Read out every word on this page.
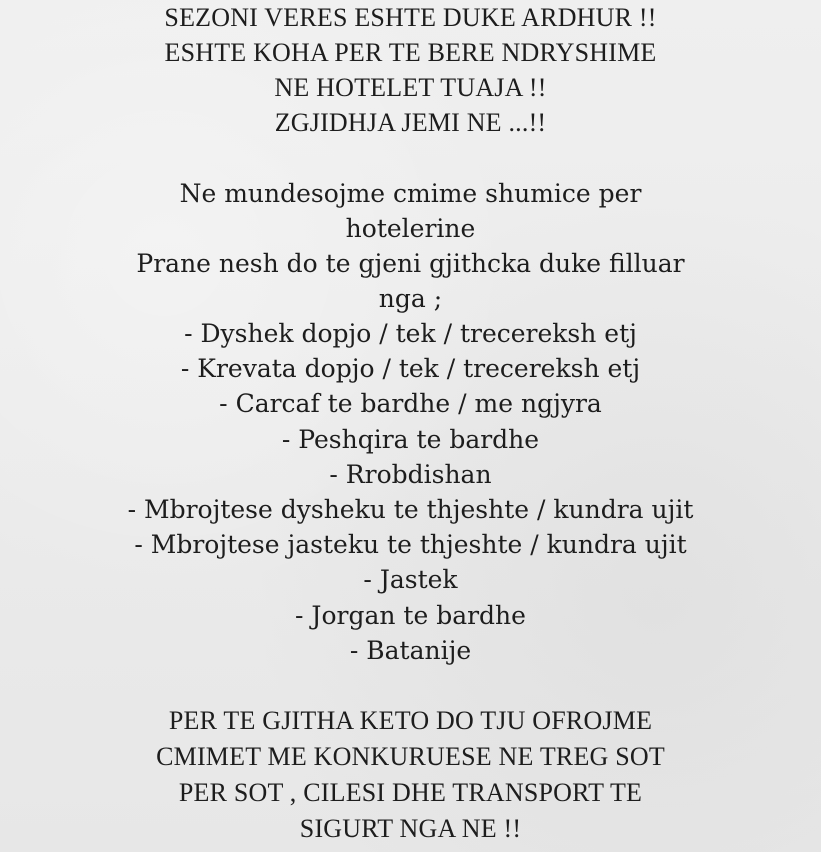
SEZONI VERES ESHTE DUKE ARDHUR !!
ESHTE KOHA PER TE BERE NDRYSHIME
NE HOTELET TUAJA !!
ZGJIDHJA JEMI NE ...!!
Ne mundesojme cmime shumice per
hotelerine
Prane nesh do te gjeni gjithcka duke filluar
nga ;
- Dyshek dopjo / tek / trecereksh etj
- Krevata dopjo / tek / trecereksh etj
- Carcaf te bardhe / me ngjyra
- Peshqira te bardhe
- Rrobdishan
- Mbrojtese dysheku te thjeshte / kundra ujit
- Mbrojtese jasteku te thjeshte / kundra ujit
- Jastek
- Jorgan te bardhe
- Batanije
PER TE GJITHA KETO DO TJU OFROJME
CMIMET ME KONKURUESE NE TREG SOT
PER SOT , CILESI DHE TRANSPORT TE
SIGURT NGA NE !!
